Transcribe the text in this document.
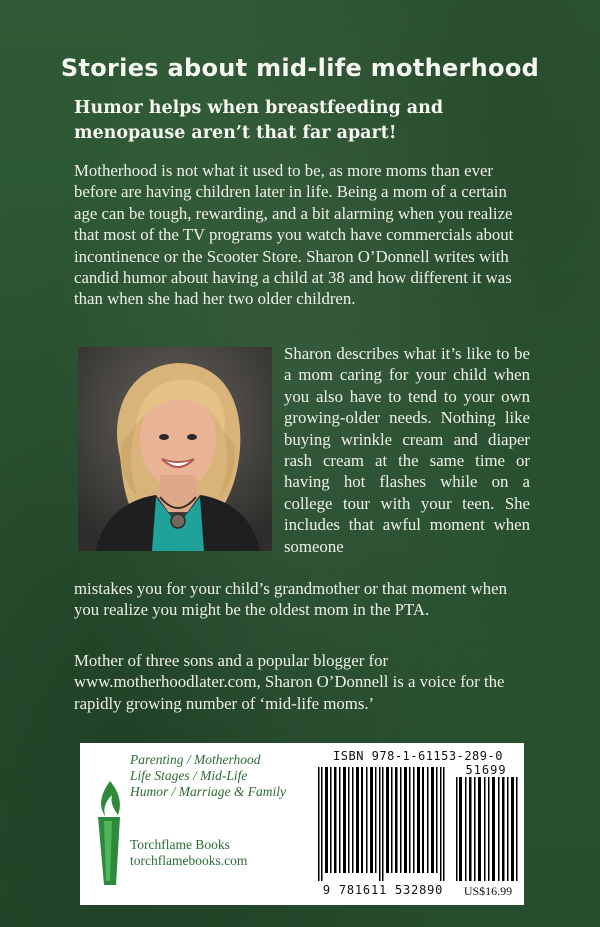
Stories about mid-life motherhood
Humor helps when breastfeeding and menopause aren’t that far apart!
Motherhood is not what it used to be, as more moms than ever before are having children later in life. Being a mom of a certain age can be tough, rewarding, and a bit alarming when you realize that most of the TV programs you watch have commercials about incontinence or the Scooter Store. Sharon O’Donnell writes with candid humor about having a child at 38 and how different it was than when she had her two older children.
Sharon describes what it’s like to be a mom caring for your child when you also have to tend to your own growing-older needs. Nothing like buying wrinkle cream and diaper rash cream at the same time or having hot flashes while on a college tour with your teen. She includes that awful moment when someone
mistakes you for your child’s grandmother or that moment when you realize you might be the oldest mom in the PTA.
Mother of three sons and a popular blogger for www.motherhoodlater.com, Sharon O’Donnell is a voice for the rapidly growing number of ‘mid-life moms.’
Parenting / Motherhood
Life Stages / Mid-Life
Humor / Marriage & Family
Torchflame Books
torchflamebooks.com
ISBN 978-1-61153-289-0
51699
9 781611 532890	US$16.99
